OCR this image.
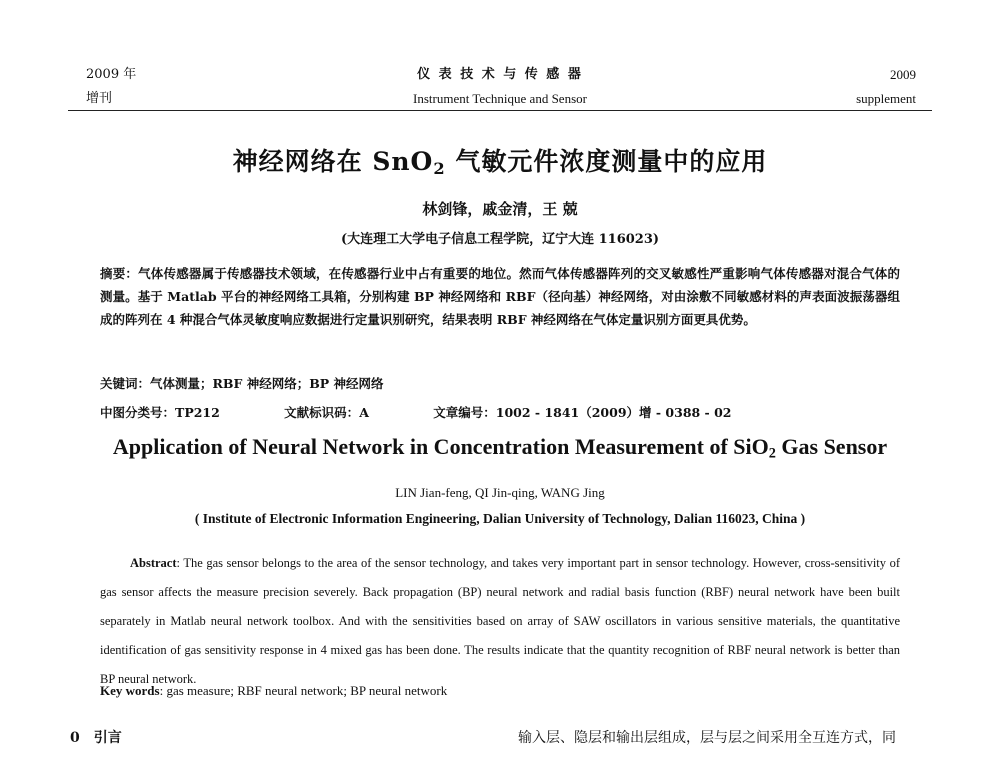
2009 年
增刊
仪 表 技 术 与 传 感 器
Instrument Technique and Sensor
2009
supplement
神经网络在 SnO$_2$ 气敏元件浓度测量中的应用
林剑锋，戚金清，王 兢
(大连理工大学电子信息工程学院，辽宁大连 116023)
摘要：气体传感器属于传感器技术领域，在传感器行业中占有重要的地位。然而气体传感器阵列的交叉敏感性严重影响气体传感器对混合气体的测量。基于 Matlab 平台的神经网络工具箱，分别构建 BP 神经网络和 RBF（径向基）神经网络，对由涂敷不同敏感材料的声表面波振荡器组成的阵列在 4 种混合气体灵敏度响应数据进行定量识别研究，结果表明 RBF 神经网络在气体定量识别方面更具优势。
关键词：气体测量；RBF 神经网络；BP 神经网络
中图分类号：TP212	文献标识码：A	文章编号：1002 - 1841（2009）增 - 0388 - 02
Application of Neural Network in Concentration Measurement of SiO$_2$ Gas Sensor
LIN Jian-feng, QI Jin-qing, WANG Jing
( Institute of Electronic Information Engineering, Dalian University of Technology, Dalian 116023, China )
Abstract: The gas sensor belongs to the area of the sensor technology, and takes very important part in sensor technology. However, cross-sensitivity of gas sensor affects the measure precision severely. Back propagation (BP) neural network and radial basis function (RBF) neural network have been built separately in Matlab neural network toolbox. And with the sensitivities based on array of SAW oscillators in various sensitive materials, the quantitative identification of gas sensitivity response in 4 mixed gas has been done. The results indicate that the quantity recognition of RBF neural network is better than BP neural network.
Key words: gas measure; RBF neural network; BP neural network
0 引言	输入层、隐层和输出层组成，层与层之间采用全互连方式，同
